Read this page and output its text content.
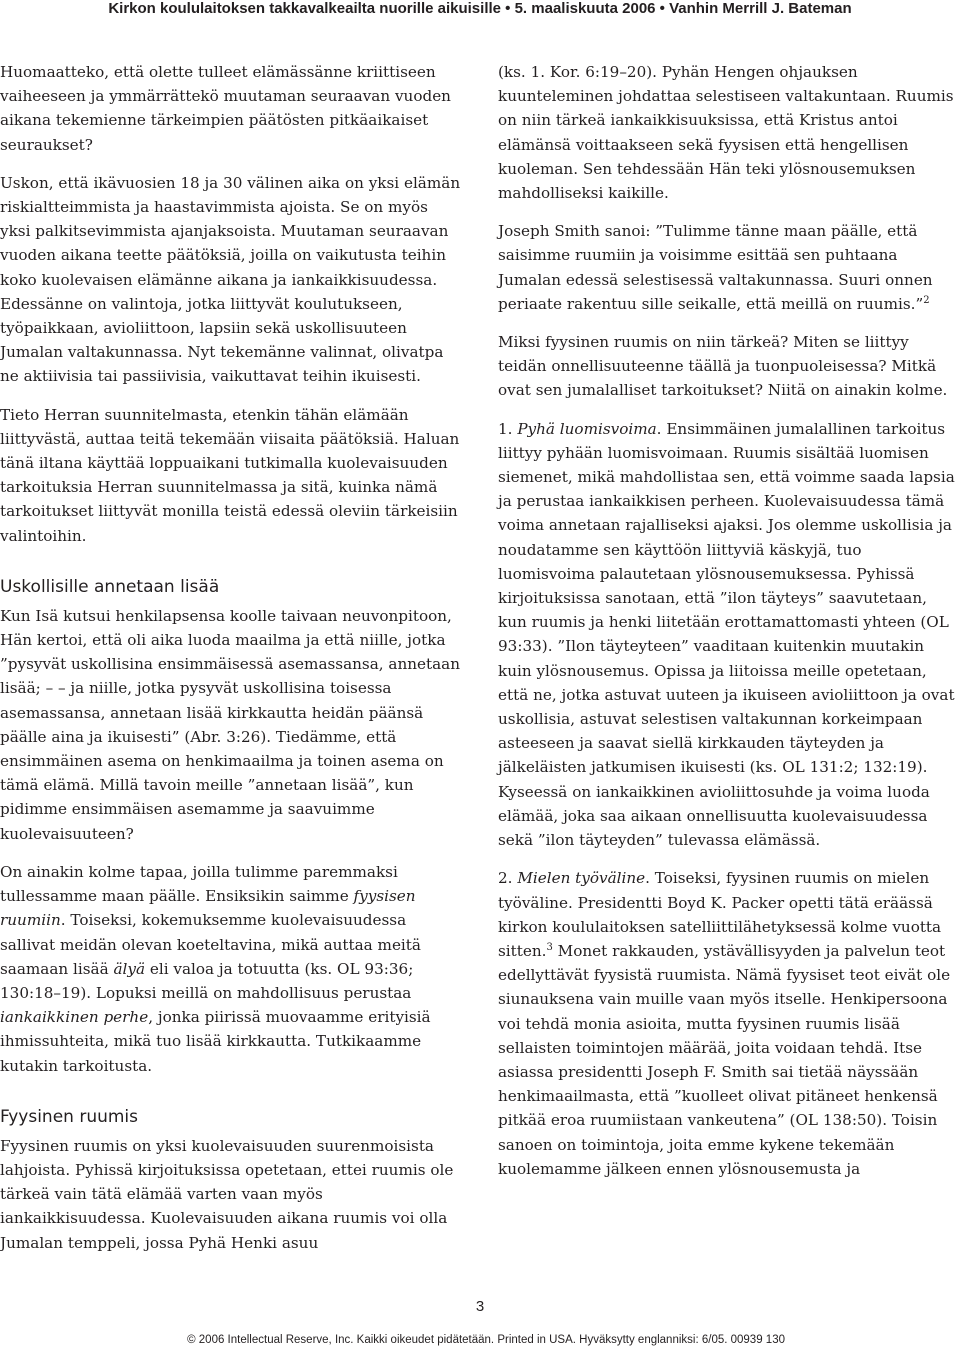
Kirkon koululaitoksen takkavalkeailta nuorille aikuisille • 5. maaliskuuta 2006 • Vanhin Merrill J. Bateman

Huomaatteko, että olette tulleet elämässänne kriittiseen vaiheeseen ja ymmärrättekö muutaman seuraavan vuoden aikana tekemienne tärkeimpien päätösten pitkäaikaiset seuraukset?

Uskon, että ikävuosien 18 ja 30 välinen aika on yksi elämän riskialtteimmista ja haastavimmista ajoista. Se on myös yksi palkitsevimmista ajanjaksoista. Muutaman seuraavan vuoden aikana teette päätöksiä, joilla on vaikutusta teihin koko kuolevaisen elämänne aikana ja iankaikkisuudessa. Edessänne on valintoja, jotka liittyvät koulutukseen, työpaikkaan, avioliittoon, lapsiin sekä uskollisuuteen Jumalan valtakunnassa. Nyt tekemänne valinnat, olivatpa ne aktiivisia tai passiivisia, vaikuttavat teihin ikuisesti.

Tieto Herran suunnitelmasta, etenkin tähän elämään liittyvästä, auttaa teitä tekemään viisaita päätöksiä. Haluan tänä iltana käyttää loppuaikani tutkimalla kuolevaisuuden tarkoituksia Herran suunnitelmassa ja sitä, kuinka nämä tarkoitukset liittyvät monilla teistä edessä oleviin tärkeisiin valintoihin.

Uskollisille annetaan lisää

Kun Isä kutsui henkilapsensa koolle taivaan neuvonpitoon, Hän kertoi, että oli aika luoda maailma ja että niille, jotka ”pysyvät uskollisina ensimmäisessä asemassansa, annetaan lisää; – – ja niille, jotka pysyvät uskollisina toisessa asemassansa, annetaan lisää kirkkautta heidän päänsä päälle aina ja ikuisesti” (Abr. 3:26). Tiedämme, että ensimmäinen asema on henkimaailma ja toinen asema on tämä elämä. Millä tavoin meille ”annetaan lisää”, kun pidimme ensimmäisen asemamme ja saavuimme kuolevaisuuteen?

On ainakin kolme tapaa, joilla tulimme paremmaksi tullessamme maan päälle. Ensiksikin saimme fyysisen ruumiin. Toiseksi, kokemuksemme kuolevaisuudessa sallivat meidän olevan koeteltavina, mikä auttaa meitä saamaan lisää älyä eli valoa ja totuutta (ks. OL 93:36; 130:18–19). Lopuksi meillä on mahdollisuus perustaa iankaikkinen perhe, jonka piirissä muovaamme erityisiä ihmissuhteita, mikä tuo lisää kirkkautta. Tutkikaamme kutakin tarkoitusta.

Fyysinen ruumis

Fyysinen ruumis on yksi kuolevaisuuden suurenmoisista lahjoista. Pyhissä kirjoituksissa opetetaan, ettei ruumis ole tärkeä vain tätä elämää varten vaan myös iankaikkisuudessa. Kuolevaisuuden aikana ruumis voi olla Jumalan temppeli, jossa Pyhä Henki asuu

(ks. 1. Kor. 6:19–20). Pyhän Hengen ohjauksen kuunteleminen johdattaa selestiseen valtakuntaan. Ruumis on niin tärkeä iankaikkisuuksissa, että Kristus antoi elämänsä voittaakseen sekä fyysisen että hengellisen kuoleman. Sen tehdessään Hän teki ylösnousemuksen mahdolliseksi kaikille.

Joseph Smith sanoi: ”Tulimme tänne maan päälle, että saisimme ruumiin ja voisimme esittää sen puhtaana Jumalan edessä selestisessä valtakunnassa. Suuri onnen periaate rakentuu sille seikalle, että meillä on ruumis.”$^2$

Miksi fyysinen ruumis on niin tärkeä? Miten se liittyy teidän onnellisuuteenne täällä ja tuonpuoleisessa? Mitkä ovat sen jumalalliset tarkoitukset? Niitä on ainakin kolme.

1. Pyhä luomisvoima. Ensimmäinen jumalallinen tarkoitus liittyy pyhään luomisvoimaan. Ruumis sisältää luomisen siemenet, mikä mahdollistaa sen, että voimme saada lapsia ja perustaa iankaikkisen perheen. Kuolevaisuudessa tämä voima annetaan rajalliseksi ajaksi. Jos olemme uskollisia ja noudatamme sen käyttöön liittyviä käskyjä, tuo luomisvoima palautetaan ylösnousemuksessa. Pyhissä kirjoituksissa sanotaan, että ”ilon täyteys” saavutetaan, kun ruumis ja henki liitetään erottamattomasti yhteen (OL 93:33). ”Ilon täyteyteen” vaaditaan kuitenkin muutakin kuin ylösnousemus. Opissa ja liitoissa meille opetetaan, että ne, jotka astuvat uuteen ja ikuiseen avioliittoon ja ovat uskollisia, astuvat selestisen valtakunnan korkeimpaan asteeseen ja saavat siellä kirkkauden täyteyden ja jälkeläisten jatkumisen ikuisesti (ks. OL 131:2; 132:19). Kyseessä on iankaikkinen avioliittosuhde ja voima luoda elämää, joka saa aikaan onnellisuutta kuolevaisuudessa sekä ”ilon täyteyden” tulevassa elämässä.

2. Mielen työväline. Toiseksi, fyysinen ruumis on mielen työväline. Presidentti Boyd K. Packer opetti tätä eräässä kirkon koululaitoksen satelliittilähetyksessä kolme vuotta sitten.$^3$ Monet rakkauden, ystävällisyyden ja palvelun teot edellyttävät fyysistä ruumista. Nämä fyysiset teot eivät ole siunauksena vain muille vaan myös itselle. Henkipersoona voi tehdä monia asioita, mutta fyysinen ruumis lisää sellaisten toimintojen määrää, joita voidaan tehdä. Itse asiassa presidentti Joseph F. Smith sai tietää näyssään henkimaailmasta, että ”kuolleet olivat pitäneet henkensä pitkää eroa ruumiistaan vankeutena” (OL 138:50). Toisin sanoen on toimintoja, joita emme kykene tekemään kuolemamme jälkeen ennen ylösnousemusta ja

3
© 2006 Intellectual Reserve, Inc. Kaikki oikeudet pidätetään. Printed in USA. Hyväksytty englanniksi: 6/05. 00939 130
